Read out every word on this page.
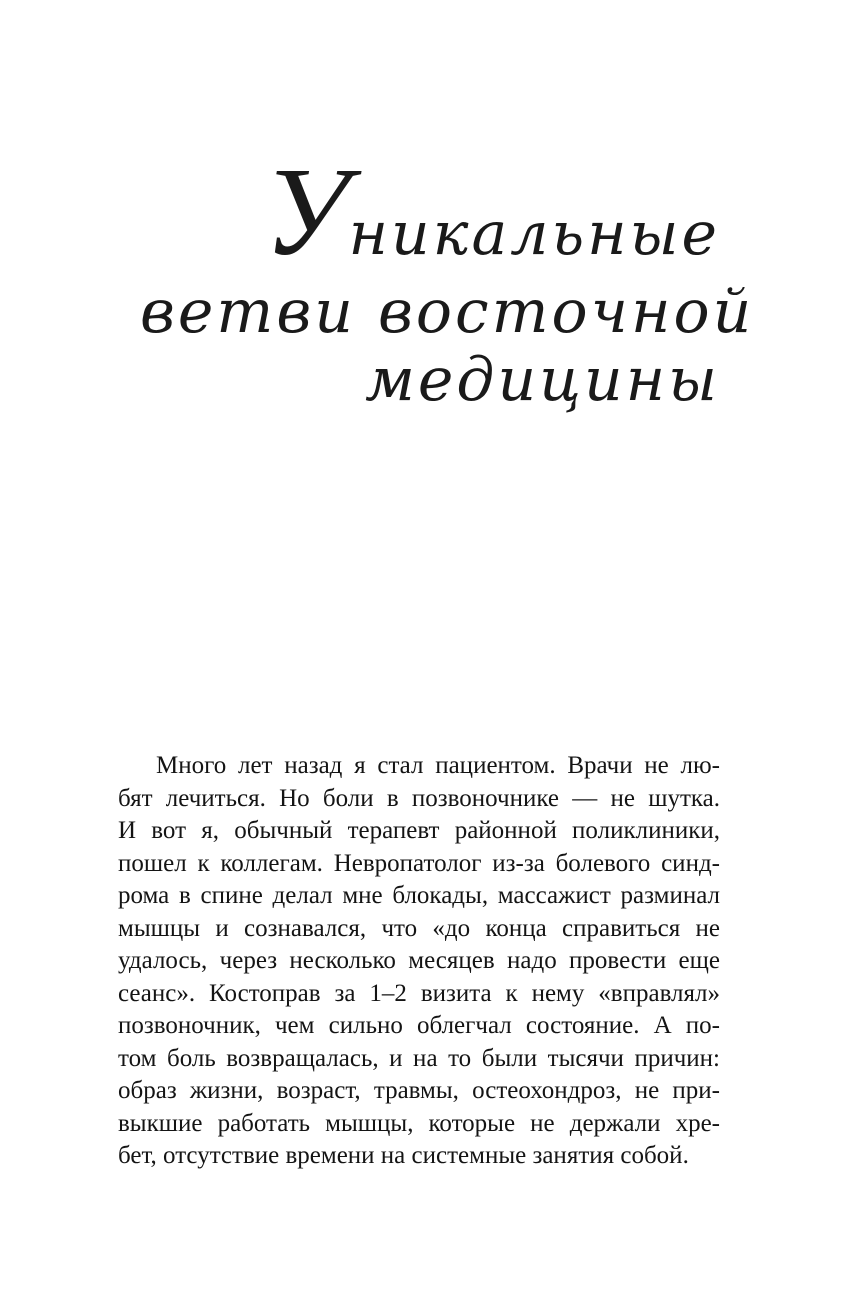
Уникальные
ветви восточной
медицины
Много лет назад я стал пациентом. Врачи не лю-
бят лечиться. Но боли в позвоночнике — не шутка.
И вот я, обычный терапевт районной поликлиники,
пошел к коллегам. Невропатолог из-за болевого синд-
рома в спине делал мне блокады, массажист разминал
мышцы и сознавался, что «до конца справиться не
удалось, через несколько месяцев надо провести еще
сеанс». Костоправ за 1–2 визита к нему «вправлял»
позвоночник, чем сильно облегчал состояние. А по-
том боль возвращалась, и на то были тысячи причин:
образ жизни, возраст, травмы, остеохондроз, не при-
выкшие работать мышцы, которые не держали хре-
бет, отсутствие времени на системные занятия собой.
